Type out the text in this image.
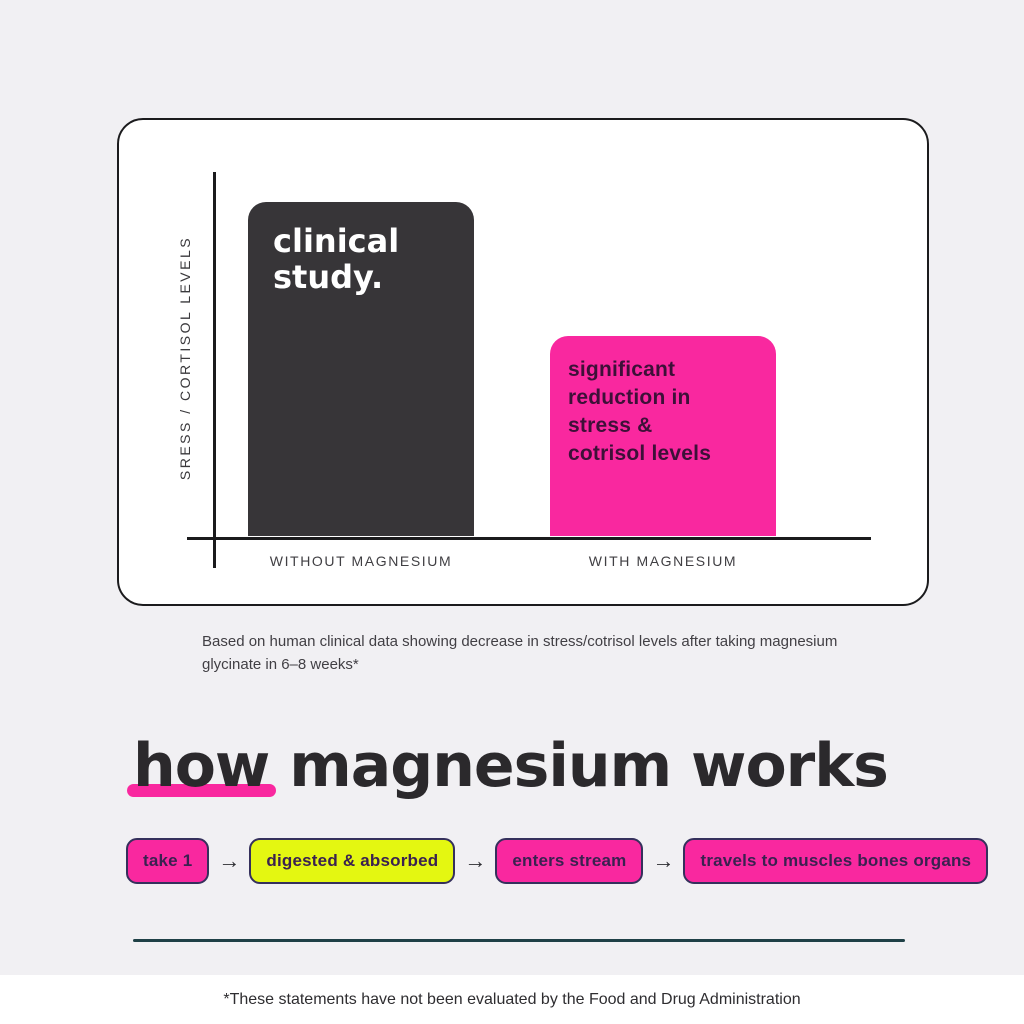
SRESS / CORTISOL LEVELS	clinical study.
significant reduction in stress & cotrisol levels
WITHOUT MAGNESIUM	WITH MAGNESIUM

Based on human clinical data showing decrease in stress/cotrisol levels after taking magnesium glycinate in 6–8 weeks*

how magnesium works
take 1	→	digested & absorbed	→	enters stream	→	travels to muscles bones organs
*These statements have not been evaluated by the Food and Drug Administration
